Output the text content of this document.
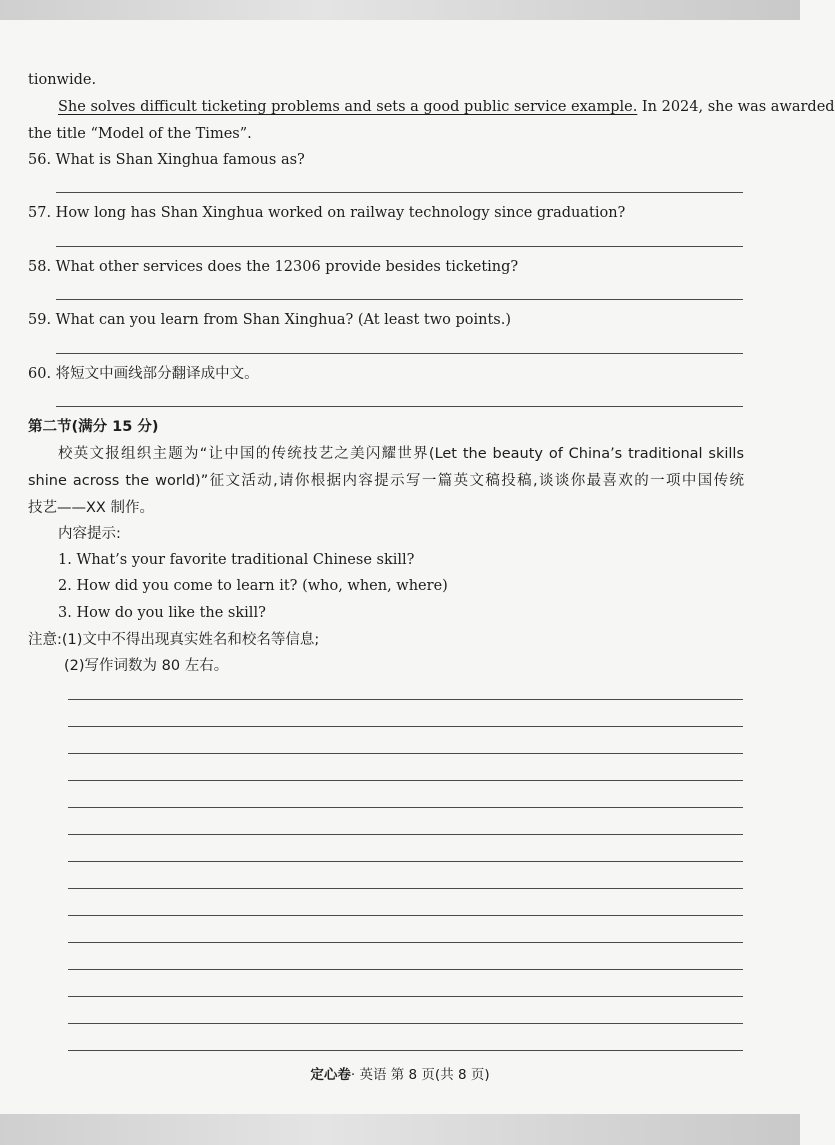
tionwide.
She solves difficult ticketing problems and sets a good public service example. In 2024, she was awarded
the title “Model of the Times”.
56. What is Shan Xinghua famous as?
57. How long has Shan Xinghua worked on railway technology since graduation?
58. What other services does the 12306 provide besides ticketing?
59. What can you learn from Shan Xinghua? (At least two points.)
60. 将短文中画线部分翻译成中文。
第二节(满分 15 分)
校英文报组织主题为“让中国的传统技艺之美闪耀世界(Let the beauty of China’s traditional skills
shine across the world)”征文活动,请你根据内容提示写一篇英文稿投稿,谈谈你最喜欢的一项中国传统
技艺——XX 制作。
内容提示:
1. What’s your favorite traditional Chinese skill?
2. How did you come to learn it? (who, when, where)
3. How do you like the skill?
注意:(1)文中不得出现真实姓名和校名等信息;
(2)写作词数为 80 左右。
定心卷· 英语 第 8 页(共 8 页)
